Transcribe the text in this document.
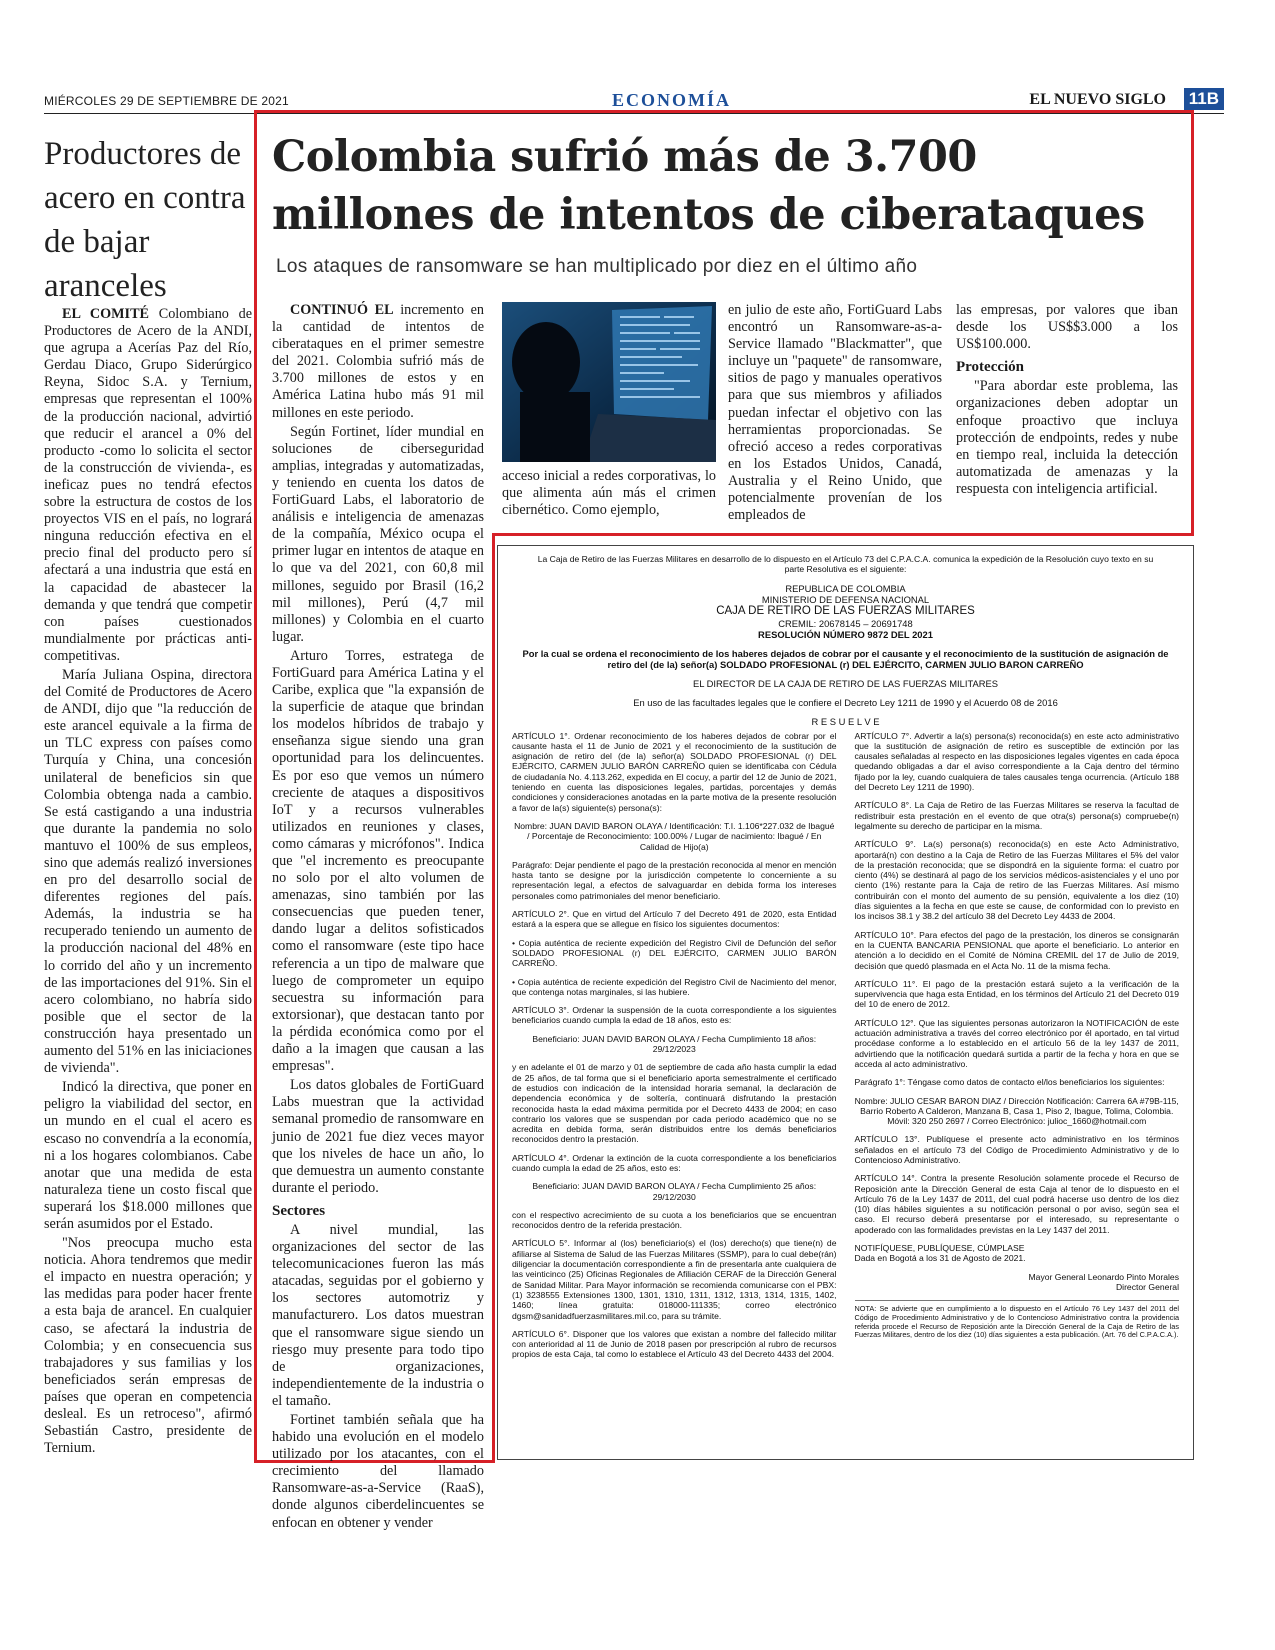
MIÉRCOLES 29 DE SEPTIEMBRE DE 2021	ECONOMÍA	EL NUEVO SIGLO 11B
Productores de acero en contra de bajar aranceles

EL COMITÉ Colombiano de Productores de Acero de la ANDI, que agrupa a Acerías Paz del Río, Gerdau Diaco, Grupo Siderúrgico Reyna, Sidoc S.A. y Ternium, empresas que representan el 100% de la producción nacional, advirtió que reducir el arancel a 0% del producto -como lo solicita el sector de la construcción de vivienda-, es ineficaz pues no tendrá efectos sobre la estructura de costos de los proyectos VIS en el país, no logrará ninguna reducción efectiva en el precio final del producto pero sí afectará a una industria que está en la capacidad de abastecer la demanda y que tendrá que competir con países cuestionados mundialmente por prácticas anti-competitivas.

María Juliana Ospina, directora del Comité de Productores de Acero de ANDI, dijo que "la reducción de este arancel equivale a la firma de un TLC express con países como Turquía y China, una concesión unilateral de beneficios sin que Colombia obtenga nada a cambio. Se está castigando a una industria que durante la pandemia no solo mantuvo el 100% de sus empleos, sino que además realizó inversiones en pro del desarrollo social de diferentes regiones del país. Además, la industria se ha recuperado teniendo un aumento de la producción nacional del 48% en lo corrido del año y un incremento de las importaciones del 91%. Sin el acero colombiano, no habría sido posible que el sector de la construcción haya presentado un aumento del 51% en las iniciaciones de vivienda".

Indicó la directiva, que poner en peligro la viabilidad del sector, en un mundo en el cual el acero es escaso no convendría a la economía, ni a los hogares colombianos. Cabe anotar que una medida de esta naturaleza tiene un costo fiscal que superará los $18.000 millones que serán asumidos por el Estado.

"Nos preocupa mucho esta noticia. Ahora tendremos que medir el impacto en nuestra operación; y las medidas para poder hacer frente a esta baja de arancel. En cualquier caso, se afectará la industria de Colombia; y en consecuencia sus trabajadores y sus familias y los beneficiados serán empresas de países que operan en competencia desleal. Es un retroceso", afirmó Sebastián Castro, presidente de Ternium.

Colombia sufrió más de 3.700 millones de intentos de ciberataques
Los ataques de ransomware se han multiplicado por diez en el último año

CONTINUÓ EL incremento en la cantidad de intentos de ciberataques en el primer semestre del 2021. Colombia sufrió más de 3.700 millones de estos y en América Latina hubo más 91 mil millones en este periodo.

Según Fortinet, líder mundial en soluciones de ciberseguridad amplias, integradas y automatizadas, y teniendo en cuenta los datos de FortiGuard Labs, el laboratorio de análisis e inteligencia de amenazas de la compañía, México ocupa el primer lugar en intentos de ataque en lo que va del 2021, con 60,8 mil millones, seguido por Brasil (16,2 mil millones), Perú (4,7 mil millones) y Colombia en el cuarto lugar.

Arturo Torres, estratega de FortiGuard para América Latina y el Caribe, explica que "la expansión de la superficie de ataque que brindan los modelos híbridos de trabajo y enseñanza sigue siendo una gran oportunidad para los delincuentes. Es por eso que vemos un número creciente de ataques a dispositivos IoT y a recursos vulnerables utilizados en reuniones y clases, como cámaras y micrófonos". Indica que "el incremento es preocupante no solo por el alto volumen de amenazas, sino también por las consecuencias que pueden tener, dando lugar a delitos sofisticados como el ransomware (este tipo hace referencia a un tipo de malware que luego de comprometer un equipo secuestra su información para extorsionar), que destacan tanto por la pérdida económica como por el daño a la imagen que causan a las empresas".

Los datos globales de FortiGuard Labs muestran que la actividad semanal promedio de ransomware en junio de 2021 fue diez veces mayor que los niveles de hace un año, lo que demuestra un aumento constante durante el periodo.

Sectores

A nivel mundial, las organizaciones del sector de las telecomunicaciones fueron las más atacadas, seguidas por el gobierno y los sectores automotriz y manufacturero. Los datos muestran que el ransomware sigue siendo un riesgo muy presente para todo tipo de organizaciones, independientemente de la industria o el tamaño.

Fortinet también señala que ha habido una evolución en el modelo utilizado por los atacantes, con el crecimiento del llamado Ransomware-as-a-Service (RaaS), donde algunos ciberdelincuentes se enfocan en obtener y vender

acceso inicial a redes corporativas, lo que alimenta aún más el crimen cibernético. Como ejemplo,

en julio de este año, FortiGuard Labs encontró un Ransomware-as-a-Service llamado "Blackmatter", que incluye un "paquete" de ransomware, sitios de pago y manuales operativos para que sus miembros y afiliados puedan infectar el objetivo con las herramientas proporcionadas. Se ofreció acceso a redes corporativas en los Estados Unidos, Canadá, Australia y el Reino Unido, que potencialmente provenían de los empleados de

las empresas, por valores que iban desde los US$$3.000 a los US$100.000.

Protección

"Para abordar este problema, las organizaciones deben adoptar un enfoque proactivo que incluya protección de endpoints, redes y nube en tiempo real, incluida la detección automatizada de amenazas y la respuesta con inteligencia artificial.

La Caja de Retiro de las Fuerzas Militares en desarrollo de lo dispuesto en el Artículo 73 del C.P.A.C.A. comunica la expedición de la Resolución cuyo texto en su parte Resolutiva es el siguiente:
REPUBLICA DE COLOMBIA
MINISTERIO DE DEFENSA NACIONAL
CAJA DE RETIRO DE LAS FUERZAS MILITARES
CREMIL: 20678145 – 20691748
RESOLUCIÓN NÚMERO 9872 DEL 2021
Por la cual se ordena el reconocimiento de los haberes dejados de cobrar por el causante y el reconocimiento de la sustitución de asignación de retiro del (de la) señor(a) SOLDADO PROFESIONAL (r) DEL EJÉRCITO, CARMEN JULIO BARON CARREÑO
EL DIRECTOR DE LA CAJA DE RETIRO DE LAS FUERZAS MILITARES
En uso de las facultades legales que le confiere el Decreto Ley 1211 de 1990 y el Acuerdo 08 de 2016
R E S U E L V E

ARTÍCULO 1°. Ordenar reconocimiento de los haberes dejados de cobrar por el causante hasta el 11 de Junio de 2021 y el reconocimiento de la sustitución de asignación de retiro del (de la) señor(a) SOLDADO PROFESIONAL (r) DEL EJÉRCITO, CARMEN JULIO BARÓN CARREÑO quien se identificaba con Cédula de ciudadanía No. 4.113.262, expedida en El cocuy, a partir del 12 de Junio de 2021, teniendo en cuenta las disposiciones legales, partidas, porcentajes y demás condiciones y consideraciones anotadas en la parte motiva de la presente resolución a favor de la(s) siguiente(s) persona(s):

Nombre: JUAN DAVID BARON OLAYA / Identificación: T.I. 1.106*227.032 de Ibagué / Porcentaje de Reconocimiento: 100.00% / Lugar de nacimiento: Ibagué / En Calidad de Hijo(a)

Parágrafo: Dejar pendiente el pago de la prestación reconocida al menor en mención hasta tanto se designe por la jurisdicción competente lo concerniente a su representación legal, a efectos de salvaguardar en debida forma los intereses personales como patrimoniales del menor beneficiario.

ARTÍCULO 2°. Que en virtud del Artículo 7 del Decreto 491 de 2020, esta Entidad estará a la espera que se allegue en físico los siguientes documentos:

• Copia auténtica de reciente expedición del Registro Civil de Defunción del señor SOLDADO PROFESIONAL (r) DEL EJÉRCITO, CARMEN JULIO BARÓN CARREÑO.

• Copia auténtica de reciente expedición del Registro Civil de Nacimiento del menor, que contenga notas marginales, si las hubiere.

ARTÍCULO 3°. Ordenar la suspensión de la cuota correspondiente a los siguientes beneficiarios cuando cumpla la edad de 18 años, esto es:

Beneficiario: JUAN DAVID BARON OLAYA / Fecha Cumplimiento 18 años: 29/12/2023

y en adelante el 01 de marzo y 01 de septiembre de cada año hasta cumplir la edad de 25 años, de tal forma que si el beneficiario aporta semestralmente el certificado de estudios con indicación de la intensidad horaria semanal, la declaración de dependencia económica y de soltería, continuará disfrutando la prestación reconocida hasta la edad máxima permitida por el Decreto 4433 de 2004; en caso contrario los valores que se suspendan por cada periodo académico que no se acredita en debida forma, serán distribuidos entre los demás beneficiarios reconocidos dentro la prestación.

ARTÍCULO 4°. Ordenar la extinción de la cuota correspondiente a los beneficiarios cuando cumpla la edad de 25 años, esto es:

Beneficiario: JUAN DAVID BARON OLAYA / Fecha Cumplimiento 25 años: 29/12/2030

con el respectivo acrecimiento de su cuota a los beneficiarios que se encuentran reconocidos dentro de la referida prestación.

ARTÍCULO 5°. Informar al (los) beneficiario(s) el (los) derecho(s) que tiene(n) de afiliarse al Sistema de Salud de las Fuerzas Militares (SSMP), para lo cual debe(rán) diligenciar la documentación correspondiente a fin de presentarla ante cualquiera de las veinticinco (25) Oficinas Regionales de Afiliación CERAF de la Dirección General de Sanidad Militar. Para Mayor información se recomienda comunicarse con el PBX: (1) 3238555 Extensiones 1300, 1301, 1310, 1311, 1312, 1313, 1314, 1315, 1402, 1460; línea gratuita: 018000-111335; correo electrónico dgsm@sanidadfuerzasmilitares.mil.co, para su trámite.

ARTÍCULO 6°. Disponer que los valores que existan a nombre del fallecido militar con anterioridad al 11 de Junio de 2018 pasen por prescripción al rubro de recursos propios de esta Caja, tal como lo establece el Artículo 43 del Decreto 4433 del 2004.

ARTÍCULO 7°. Advertir a la(s) persona(s) reconocida(s) en este acto administrativo que la sustitución de asignación de retiro es susceptible de extinción por las causales señaladas al respecto en las disposiciones legales vigentes en cada época quedando obligadas a dar el aviso correspondiente a la Caja dentro del término fijado por la ley, cuando cualquiera de tales causales tenga ocurrencia. (Artículo 188 del Decreto Ley 1211 de 1990).

ARTÍCULO 8°. La Caja de Retiro de las Fuerzas Militares se reserva la facultad de redistribuir esta prestación en el evento de que otra(s) persona(s) compruebe(n) legalmente su derecho de participar en la misma.

ARTÍCULO 9°. La(s) persona(s) reconocida(s) en este Acto Administrativo, aportará(n) con destino a la Caja de Retiro de las Fuerzas Militares el 5% del valor de la prestación reconocida; que se dispondrá en la siguiente forma: el cuatro por ciento (4%) se destinará al pago de los servicios médicos-asistenciales y el uno por ciento (1%) restante para la Caja de retiro de las Fuerzas Militares. Así mismo contribuirán con el monto del aumento de su pensión, equivalente a los diez (10) días siguientes a la fecha en que este se cause, de conformidad con lo previsto en los incisos 38.1 y 38.2 del artículo 38 del Decreto Ley 4433 de 2004.

ARTÍCULO 10°. Para efectos del pago de la prestación, los dineros se consignarán en la CUENTA BANCARIA PENSIONAL que aporte el beneficiario. Lo anterior en atención a lo decidido en el Comité de Nómina CREMIL del 17 de Julio de 2019, decisión que quedó plasmada en el Acta No. 11 de la misma fecha.

ARTÍCULO 11°. El pago de la prestación estará sujeto a la verificación de la supervivencia que haga esta Entidad, en los términos del Artículo 21 del Decreto 019 del 10 de enero de 2012.

ARTÍCULO 12°. Que las siguientes personas autorizaron la NOTIFICACIÓN de este actuación administrativa a través del correo electrónico por él aportado, en tal virtud procédase conforme a lo establecido en el artículo 56 de la ley 1437 de 2011, advirtiendo que la notificación quedará surtida a partir de la fecha y hora en que se acceda al acto administrativo.

Parágrafo 1°: Téngase como datos de contacto el/los beneficiarios los siguientes:

Nombre: JULIO CESAR BARON DIAZ / Dirección Notificación: Carrera 6A #79B-115, Barrio Roberto A Calderon, Manzana B, Casa 1, Piso 2, Ibague, Tolima, Colombia. Móvil: 320 250 2697 / Correo Electrónico: julioc_1660@hotmail.com

ARTÍCULO 13°. Publíquese el presente acto administrativo en los términos señalados en el artículo 73 del Código de Procedimiento Administrativo y de lo Contencioso Administrativo.

ARTÍCULO 14°. Contra la presente Resolución solamente procede el Recurso de Reposición ante la Dirección General de esta Caja al tenor de lo dispuesto en el Artículo 76 de la Ley 1437 de 2011, del cual podrá hacerse uso dentro de los diez (10) días hábiles siguientes a su notificación personal o por aviso, según sea el caso. El recurso deberá presentarse por el interesado, su representante o apoderado con las formalidades previstas en la Ley 1437 del 2011.

NOTIFÍQUESE, PUBLÍQUESE, CÚMPLASE

Dada en Bogotá a los 31 de Agosto de 2021.

Mayor General Leonardo Pinto Morales

Director General

NOTA: Se advierte que en cumplimiento a lo dispuesto en el Artículo 76 Ley 1437 del 2011 del Código de Procedimiento Administrativo y de lo Contencioso Administrativo contra la providencia referida procede el Recurso de Reposición ante la Dirección General de la Caja de Retiro de las Fuerzas Militares, dentro de los diez (10) días siguientes a esta publicación. (Art. 76 del C.P.A.C.A.).
